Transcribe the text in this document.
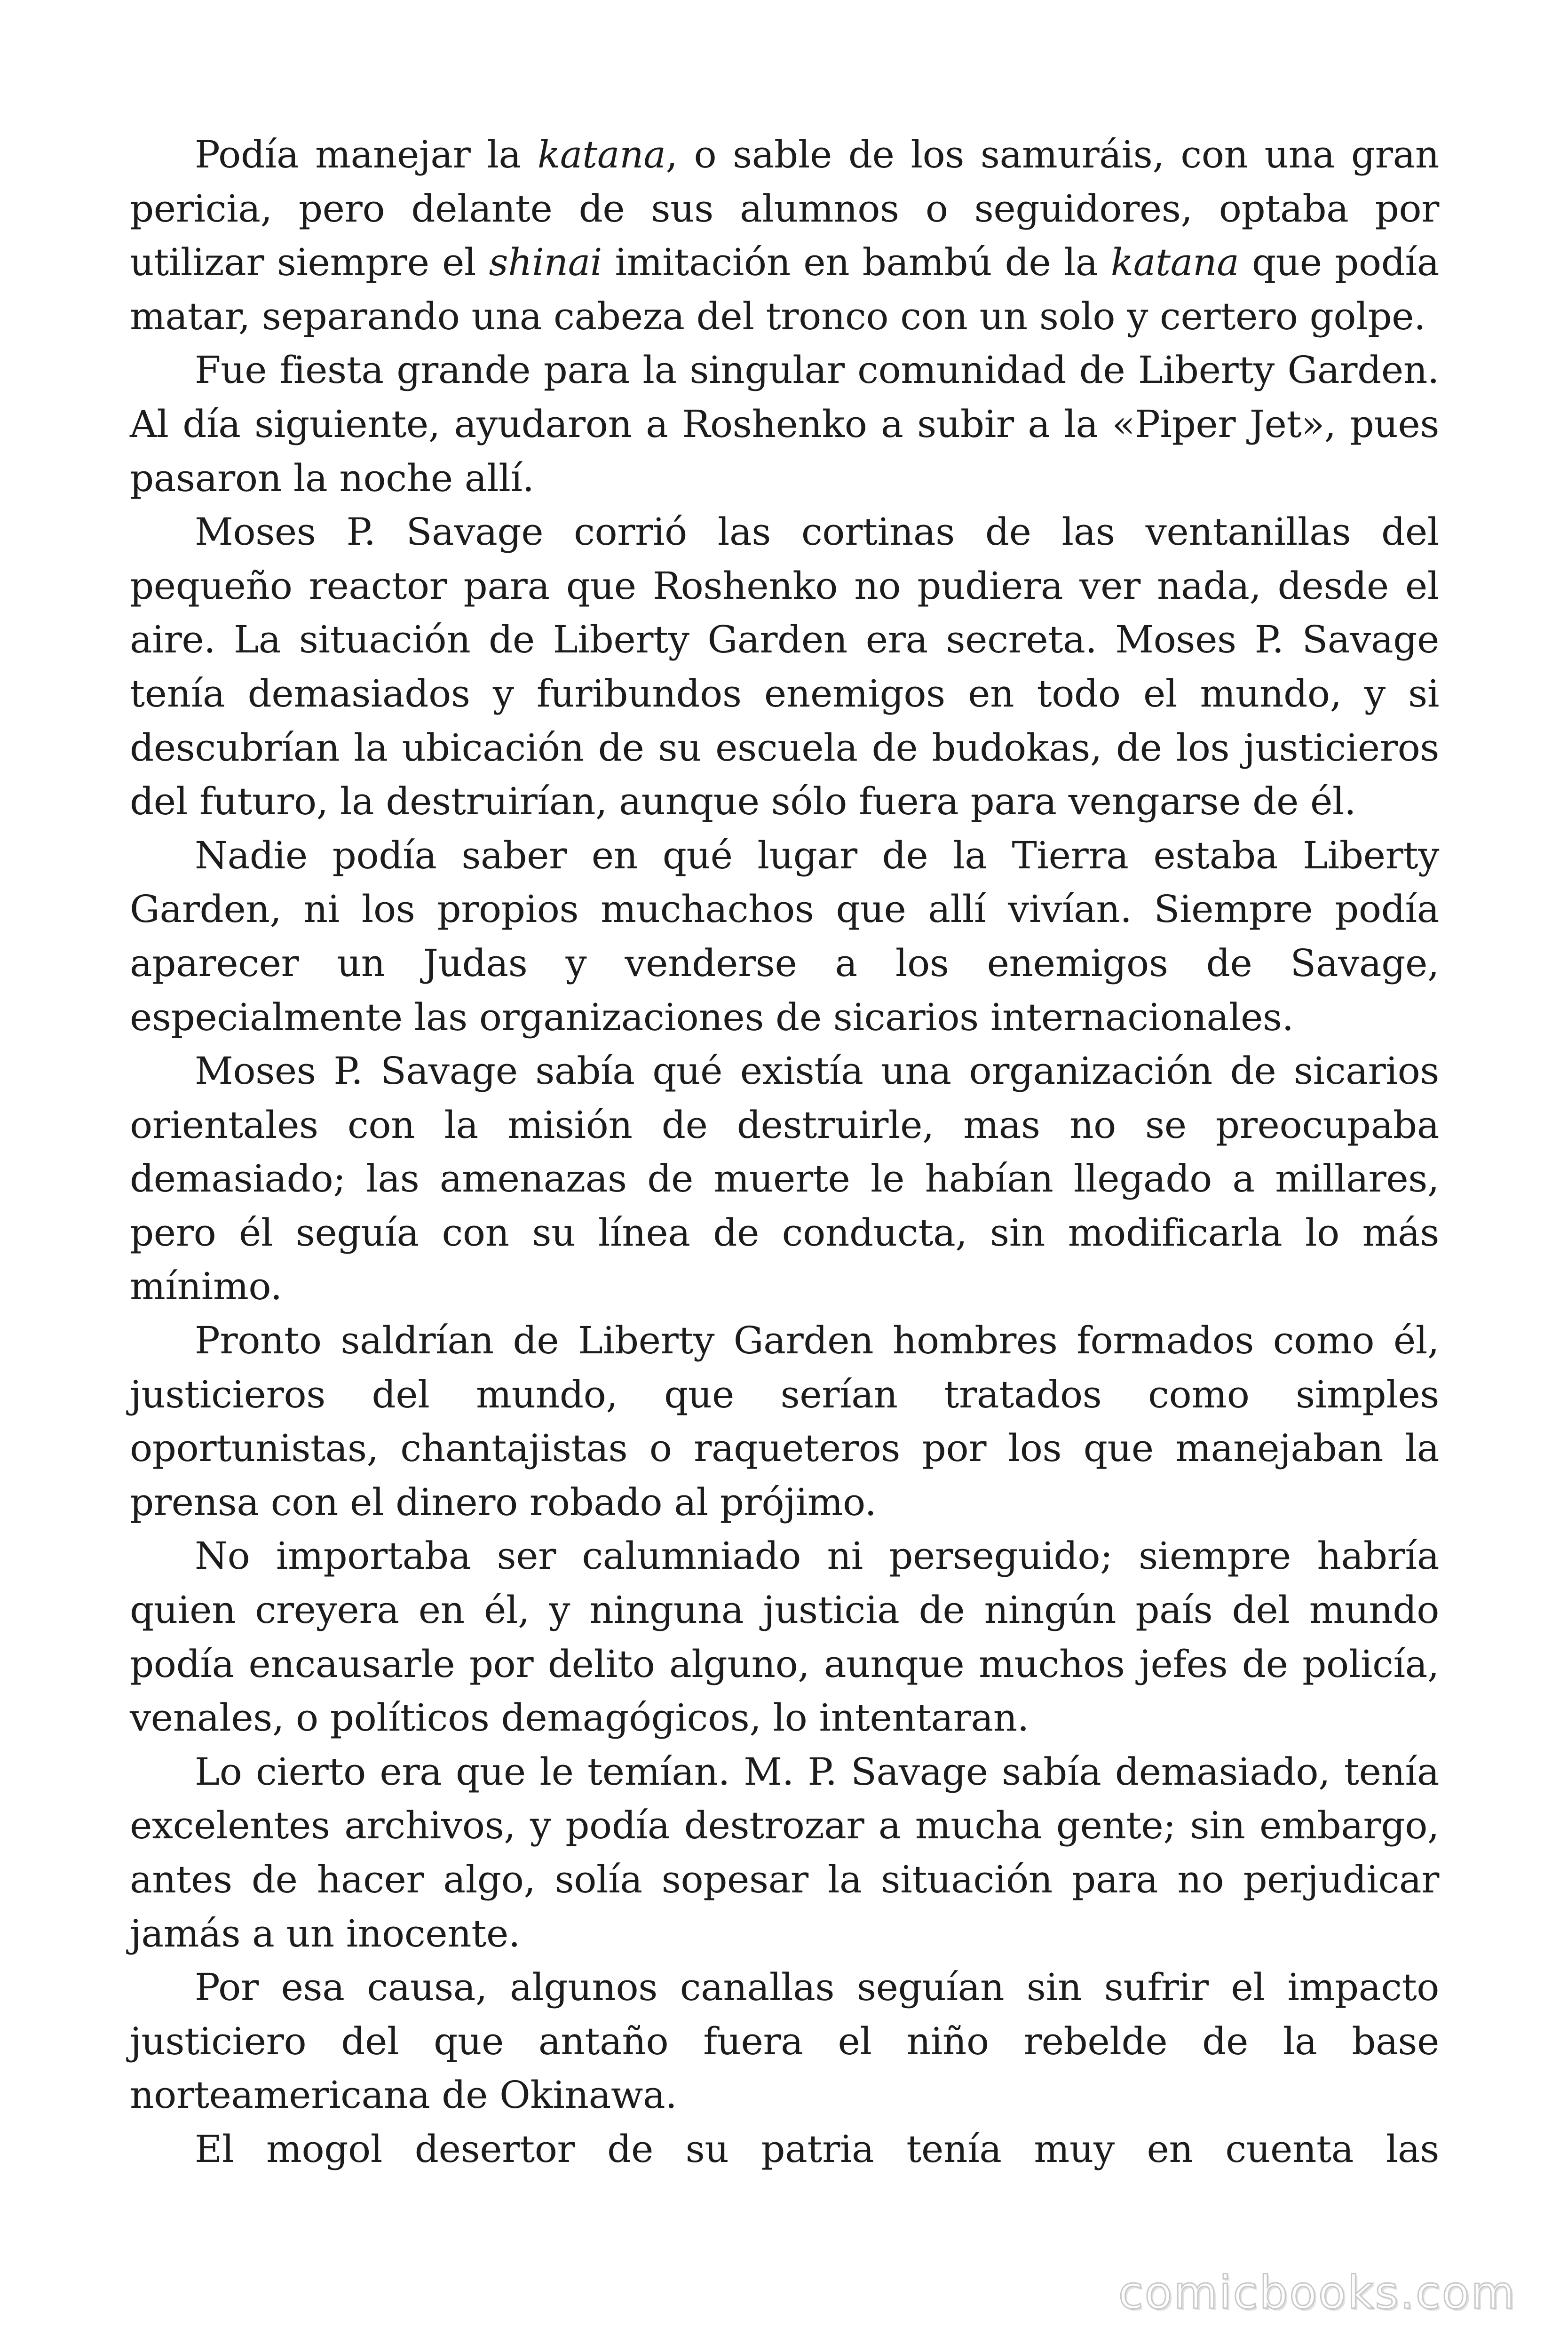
Podía manejar la katana, o sable de los samuráis, con una gran pericia, pero delante de sus alumnos o seguidores, optaba por utilizar siempre el shinai imitación en bambú de la katana que podía matar, separando una cabeza del tronco con un solo y certero golpe.

Fue fiesta grande para la singular comunidad de Liberty Garden. Al día siguiente, ayudaron a Roshenko a subir a la «Piper Jet», pues pasaron la noche allí.

Moses P. Savage corrió las cortinas de las ventanillas del pequeño reactor para que Roshenko no pudiera ver nada, desde el aire. La situación de Liberty Garden era secreta. Moses P. Savage tenía demasiados y furibundos enemigos en todo el mundo, y si descubrían la ubicación de su escuela de budokas, de los justicieros del futuro, la destruirían, aunque sólo fuera para vengarse de él.

Nadie podía saber en qué lugar de la Tierra estaba Liberty Garden, ni los propios muchachos que allí vivían. Siempre podía aparecer un Judas y venderse a los enemigos de Savage, especialmente las organizaciones de sicarios internacionales.

Moses P. Savage sabía qué existía una organización de sicarios orientales con la misión de destruirle, mas no se preocupaba demasiado; las amenazas de muerte le habían llegado a millares, pero él seguía con su línea de conducta, sin modificarla lo más mínimo.

Pronto saldrían de Liberty Garden hombres formados como él, justicieros del mundo, que serían tratados como simples oportunistas, chantajistas o raqueteros por los que manejaban la prensa con el dinero robado al prójimo.

No importaba ser calumniado ni perseguido; siempre habría quien creyera en él, y ninguna justicia de ningún país del mundo podía encausarle por delito alguno, aunque muchos jefes de policía, venales, o políticos demagógicos, lo intentaran.

Lo cierto era que le temían. M. P. Savage sabía demasiado, tenía excelentes archivos, y podía destrozar a mucha gente; sin embargo, antes de hacer algo, solía sopesar la situación para no perjudicar jamás a un inocente.

Por esa causa, algunos canallas seguían sin sufrir el impacto justiciero del que antaño fuera el niño rebelde de la base norteamericana de Okinawa.

El mogol desertor de su patria tenía muy en cuenta las

comicbooks.com
